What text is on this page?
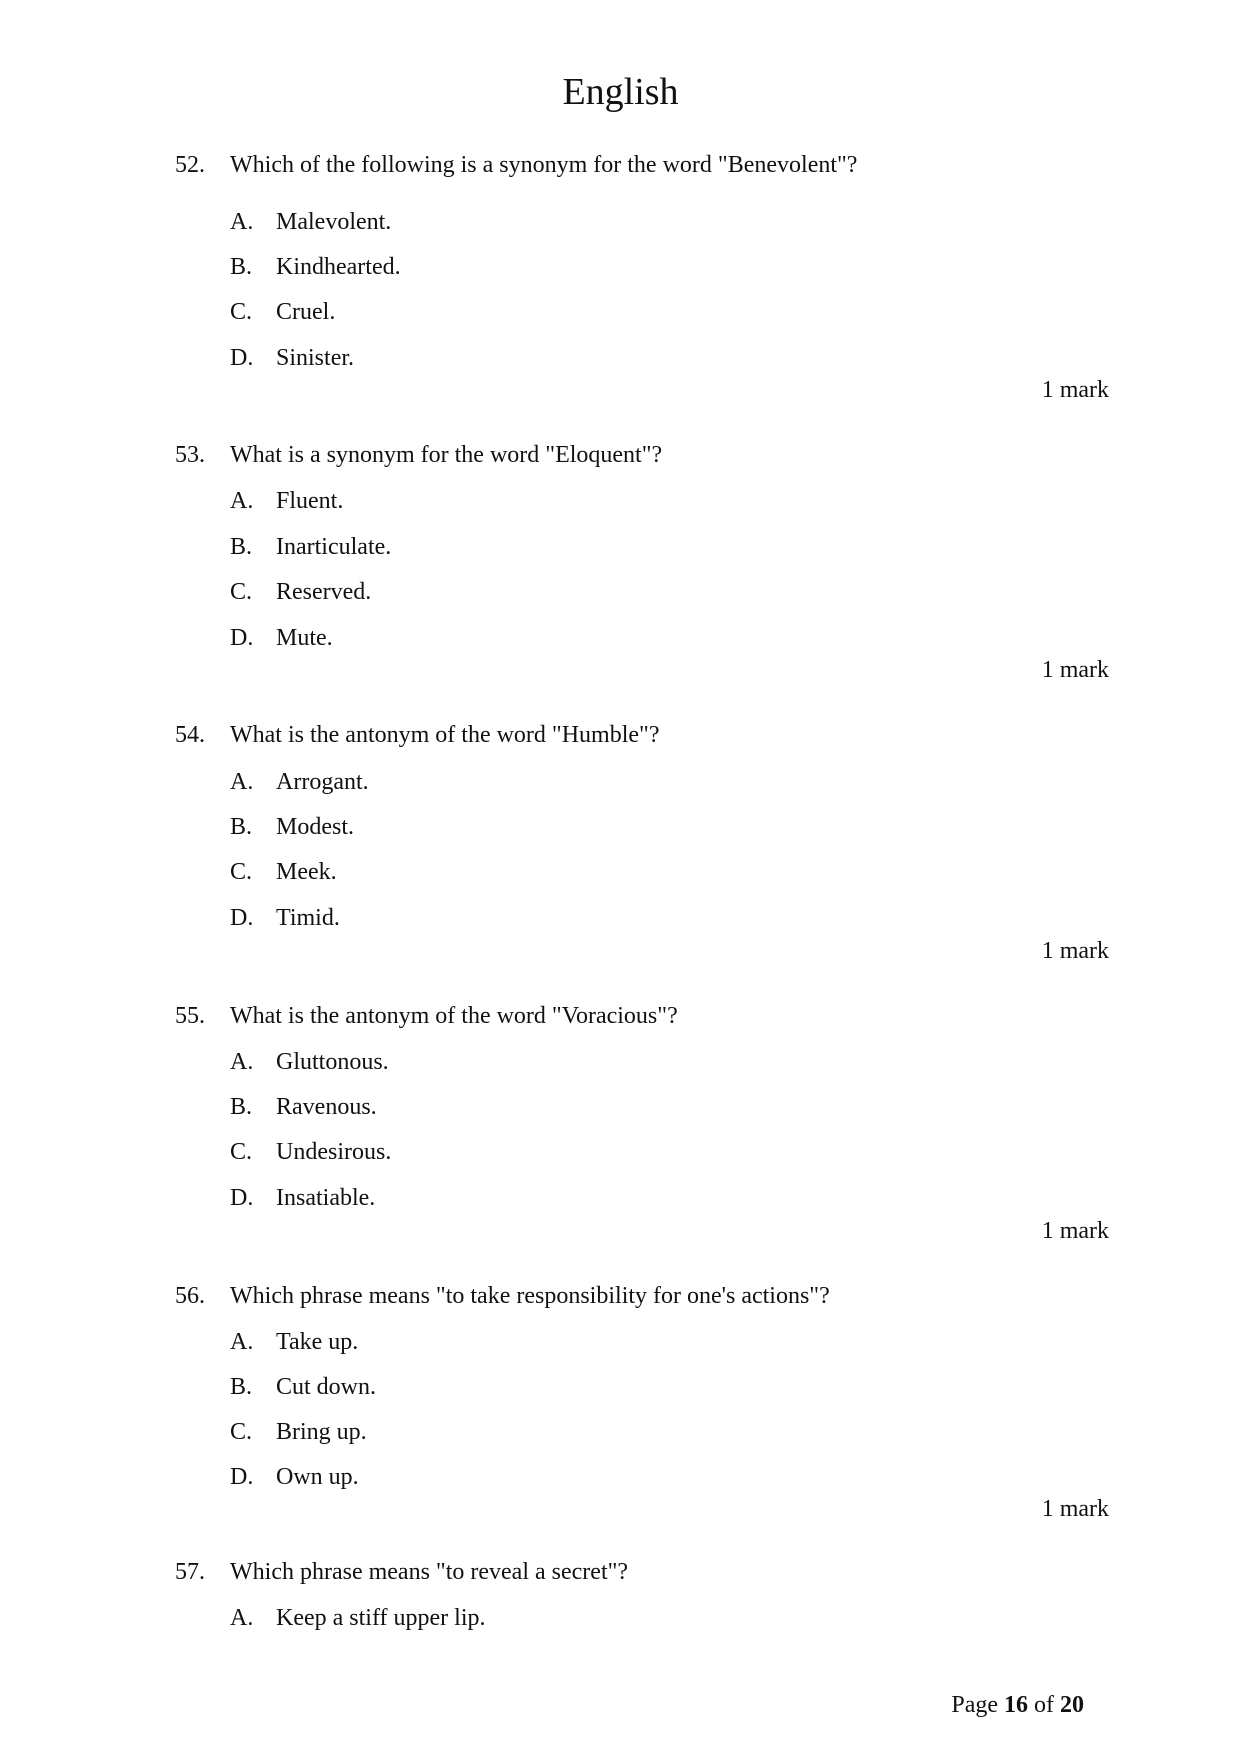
English
52. Which of the following is a synonym for the word "Benevolent"?
A. Malevolent.
B. Kindhearted.
C. Cruel.
D. Sinister.
1 mark
53. What is a synonym for the word "Eloquent"?
A. Fluent.
B. Inarticulate.
C. Reserved.
D. Mute.
1 mark
54. What is the antonym of the word "Humble"?
A. Arrogant.
B. Modest.
C. Meek.
D. Timid.
1 mark
55. What is the antonym of the word "Voracious"?
A. Gluttonous.
B. Ravenous.
C. Undesirous.
D. Insatiable.
1 mark
56. Which phrase means "to take responsibility for one's actions"?
A. Take up.
B. Cut down.
C. Bring up.
D. Own up.
1 mark
57. Which phrase means "to reveal a secret"?
A. Keep a stiff upper lip.
Page 16 of 20
